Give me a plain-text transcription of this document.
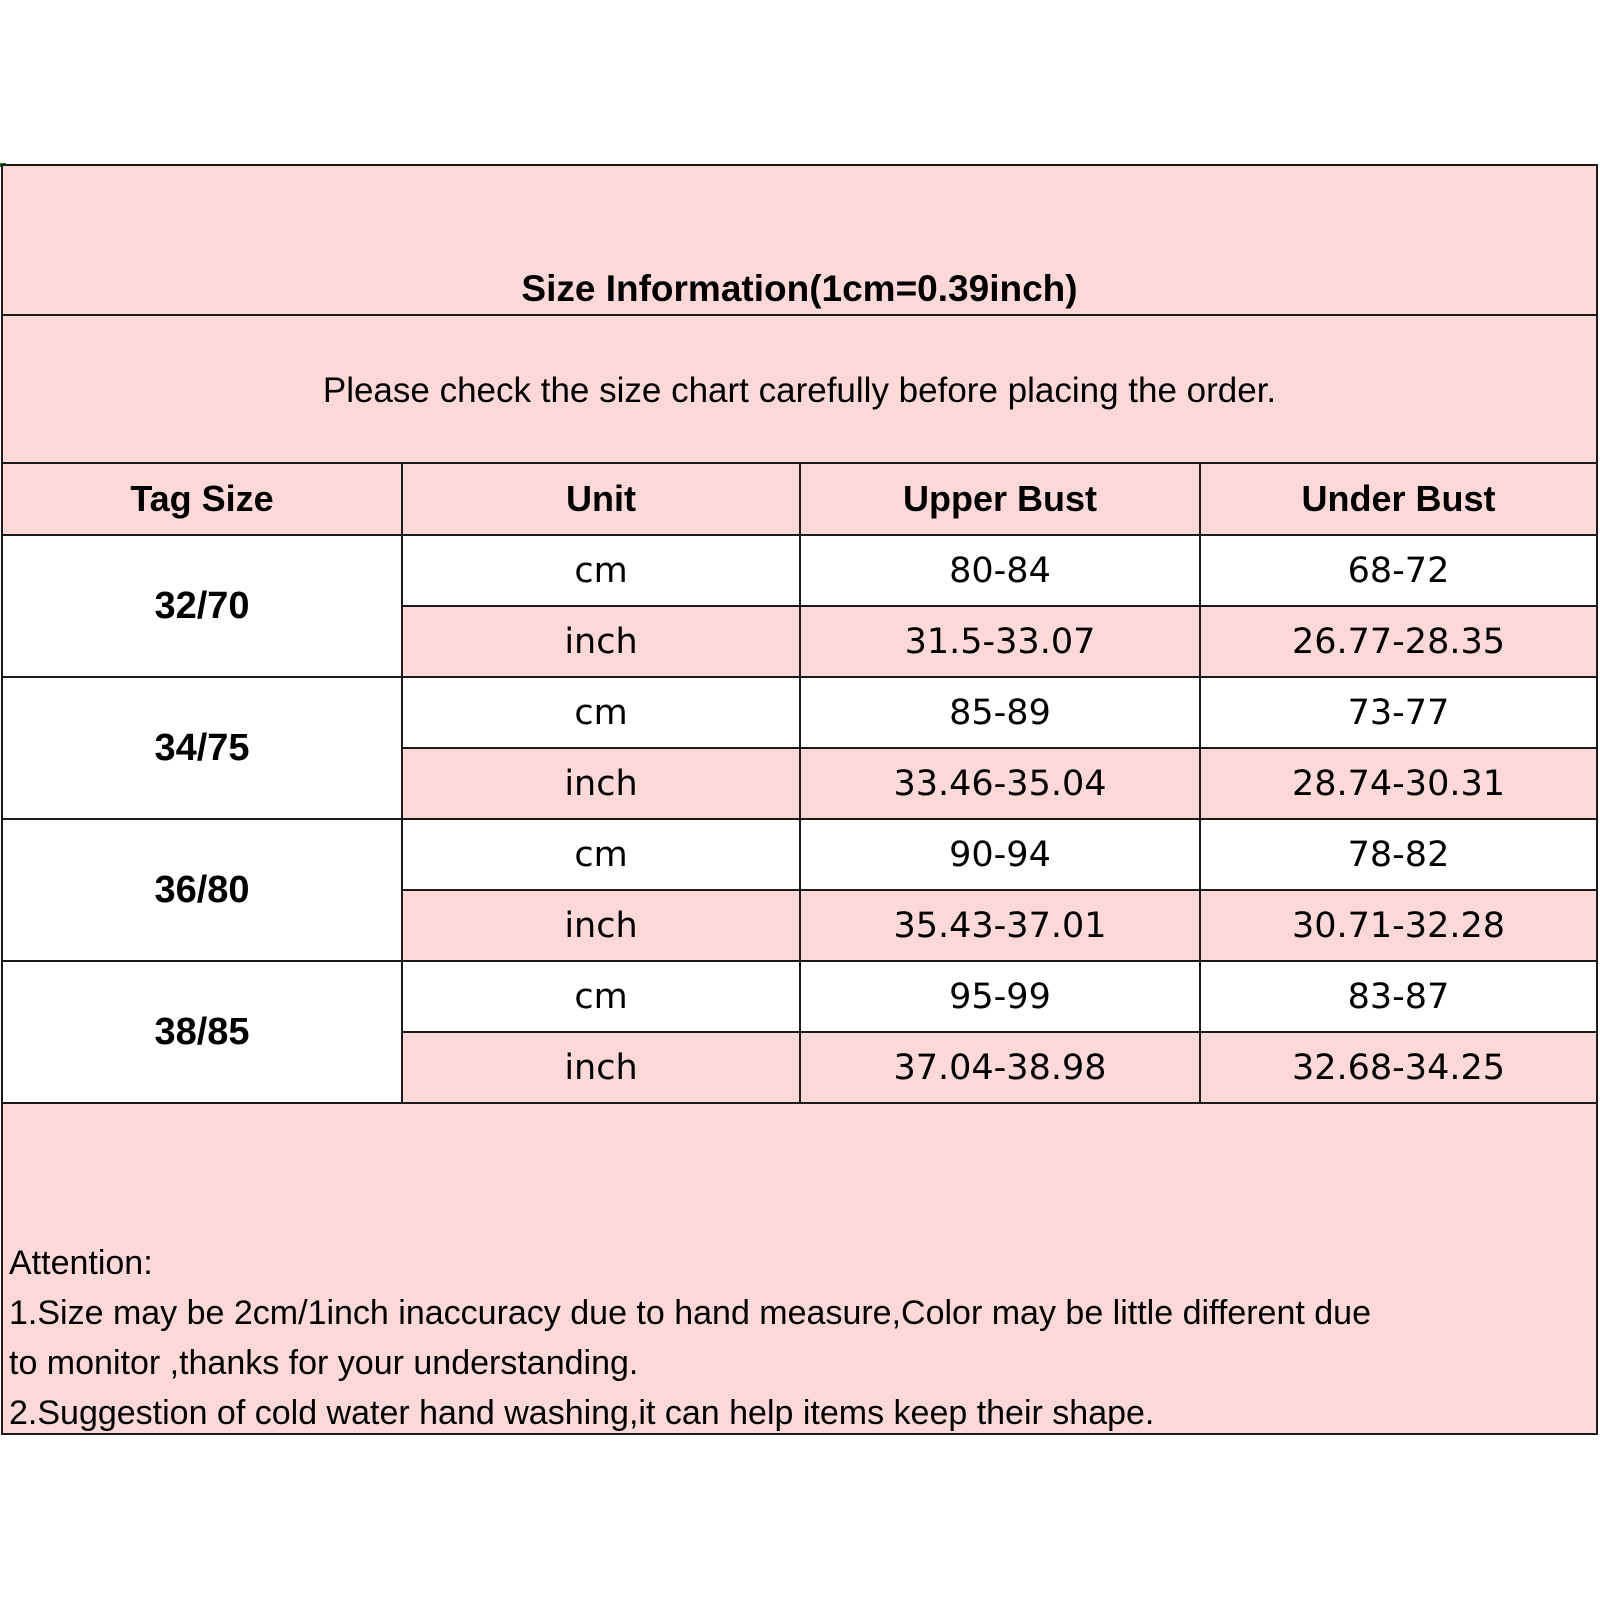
Size Information(1cm=0.39inch)
Please check the size chart carefully before placing the order.
Tag Size	Unit	Upper Bust	Under Bust
32/70	cm	80-84	68-72
	inch	31.5-33.07	26.77-28.35
34/75	cm	85-89	73-77
	inch	33.46-35.04	28.74-30.31
36/80	cm	90-94	78-82
	inch	35.43-37.01	30.71-32.28
38/85	cm	95-99	83-87
	inch	37.04-38.98	32.68-34.25
Attention:
1.Size may be 2cm/1inch inaccuracy due to hand measure,Color may be little different due
to monitor ,thanks for your understanding.
2.Suggestion of cold water hand washing,it can help items keep their shape.
